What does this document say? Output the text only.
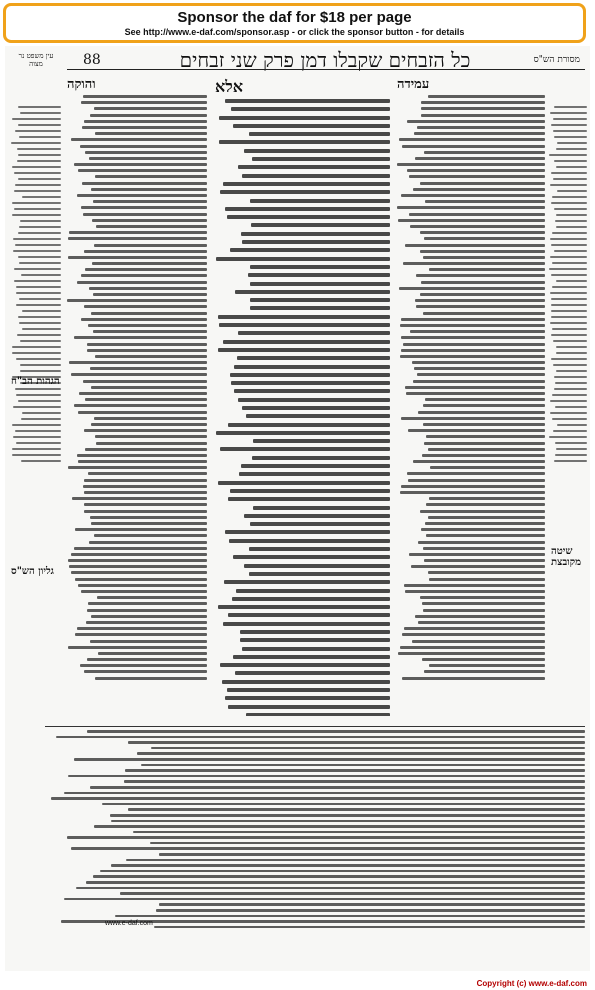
Sponsor the daf for $18 per page
See http://www.e-daf.com/sponsor.asp - or click the sponsor button - for details
עין משפט נר מצוה	88	כל הזבחים שקבלו דמן פרק שני זבחים	מסורת הש"ס
והוקה	אלא	עמידה
שיטה מקובצת
הגהות הב"ח
גליון הש"ס
www.e-daf.com
Copyright (c) www.e-daf.com
